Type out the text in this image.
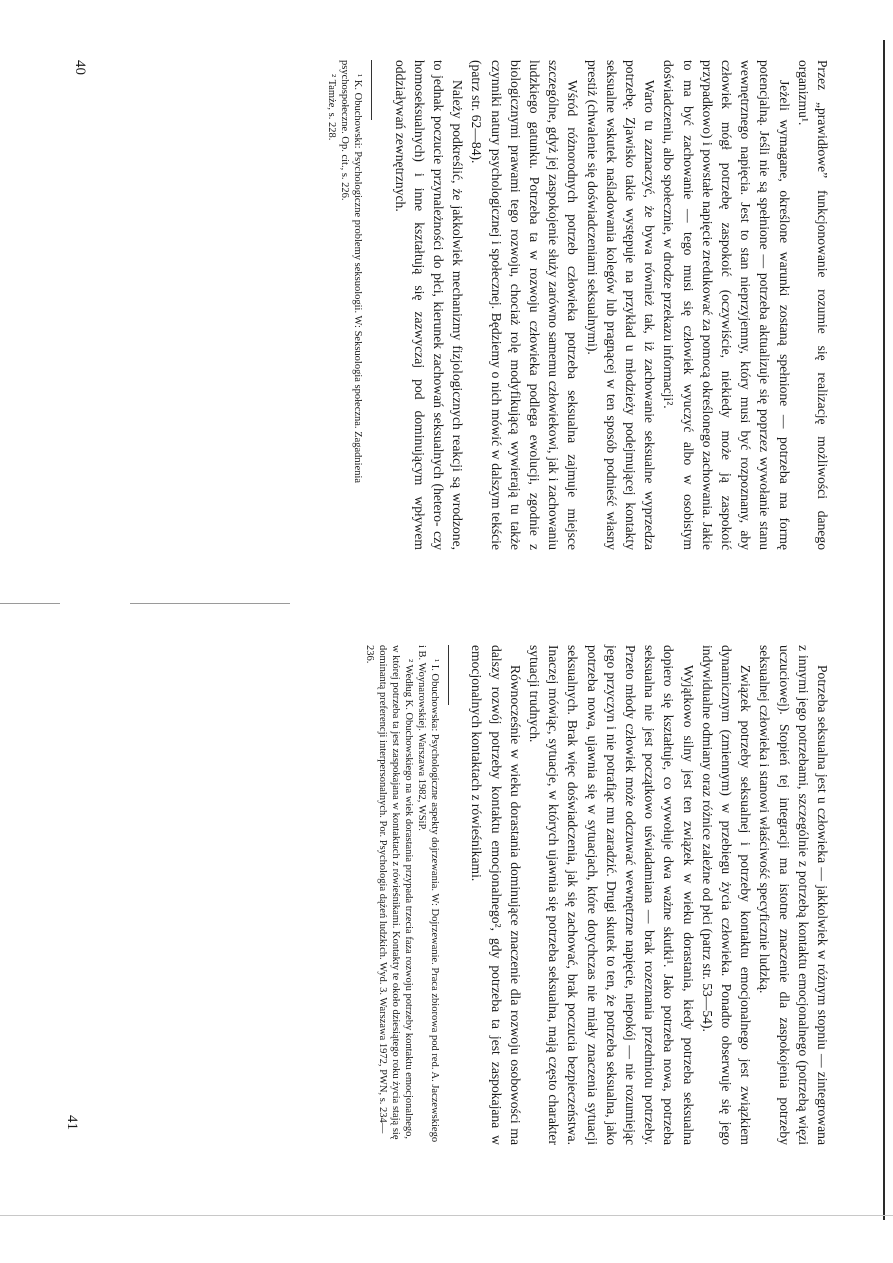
Przez „prawidłowe” funkcjonowanie rozumie się realizację możliwości danego organizmu¹.

Jeżeli wymagane, określone warunki zostaną spełnione — potrzeba ma formę potencjalną. Jeśli nie są spełnione — potrzeba aktualizuje się poprzez wywołanie stanu wewnętrznego napięcia. Jest to stan nieprzyjemny, który musi być rozpoznany, aby człowiek mógł potrzebę zaspokoić (oczywiście, niekiedy może ją zaspokoić przypadkowo) i powstałe napięcie zredukować za pomocą określonego zachowania. Jakie to ma być zachowanie — tego musi się człowiek wyuczyć albo w osobistym doświadczeniu, albo społecznie, w drodze przekazu informacji².

Warto tu zaznaczyć, że bywa również tak, iż zachowanie seksualne wyprzedza potrzebę. Zjawisko takie występuje na przykład u młodzieży podejmującej kontakty seksualne wskutek naśladowania kolegów lub pragnącej w ten sposób podnieść własny prestiż (chwalenie się doświadczeniami seksualnymi).

Wśród różnorodnych potrzeb człowieka potrzeba seksualna zajmuje miejsce szczególne, gdyż jej zaspokojenie służy zarówno samemu człowiekowi, jak i zachowaniu ludzkiego gatunku. Potrzeba ta w rozwoju człowieka podlega ewolucji, zgodnie z biologicznymi prawami tego rozwoju, chociaż rolę modyfikującą wywierają tu także czynniki natury psychologicznej i społecznej. Będziemy o nich mówić w dalszym tekście (patrz str. 62—84).

Należy podkreślić, że jakkolwiek mechanizmy fizjologicznych reakcji są wrodzone, to jednak poczucie przynależności do płci, kierunek zachowań seksualnych (hetero- czy homoseksualnych) i inne kształtują się zazwyczaj pod dominującym wpływem oddziaływań zewnętrznych.

¹ K. Obuchowski: Psychologiczne problemy seksuologii. W: Seksuologia społeczna. Zagadnienia psychospołeczne. Op. cit., s. 226.

² Tamże, s. 228.

40

Potrzeba seksualna jest u człowieka — jakkolwiek w różnym stopniu — zintegrowana z innymi jego potrzebami, szczególnie z potrzebą kontaktu emocjonalnego (potrzebą więzi uczuciowej). Stopień tej integracji ma istotne znaczenie dla zaspokojenia potrzeby seksualnej człowieka i stanowi właściwość specyficznie ludzką.

Związek potrzeby seksualnej i potrzeby kontaktu emocjonalnego jest związkiem dynamicznym (zmiennym) w przebiegu życia człowieka. Ponadto obserwuje się jego indywidualne odmiany oraz różnice zależne od płci (patrz str. 53—54).

Wyjątkowo silny jest ten związek w wieku dorastania, kiedy potrzeba seksualna dopiero się kształtuje, co wywołuje dwa ważne skutki¹. Jako potrzeba nowa, potrzeba seksualna nie jest początkowo uświadamiana — brak rozeznania przedmiotu potrzeby. Przeto młody człowiek może odczuwać wewnętrzne napięcie, niepokój — nie rozumiejąc jego przyczyn i nie potrafiąc mu zaradzić. Drugi skutek to ten, że potrzeba seksualna, jako potrzeba nowa, ujawnia się w sytuacjach, które dotychczas nie miały znaczenia sytuacji seksualnych. Brak więc doświadczenia, jak się zachować, brak poczucia bezpieczeństwa. Inaczej mówiąc, sytuacje, w których ujawnia się potrzeba seksualna, mają często charakter sytuacji trudnych.

Równocześnie w wieku dorastania dominujące znaczenie dla rozwoju osobowości ma dalszy rozwój potrzeby kontaktu emocjonalnego², gdy potrzeba ta jest zaspokajana w emocjonalnych kontaktach z rówieśnikami.

¹ I. Obuchowska: Psychologiczne aspekty dojrzewania. W: Dojrzewanie. Praca zbiorowa pod red. A. Jaczewskiego i B. Woynarowskiej. Warszawa 1982, WSiP.

² Według K. Obuchowskiego na wiek dorastania przypada trzecia faza rozwoju potrzeby kontaktu emocjonalnego, w której potrzeba ta jest zaspokajana w kontaktach z rówieśnikami. Kontakty te około dziesiątego roku życia stają się dominantą preferencji interpersonalnych. Por. Psychologia dążeń ludzkich. Wyd. 3. Warszawa 1972, PWN, s. 234—236.

41
